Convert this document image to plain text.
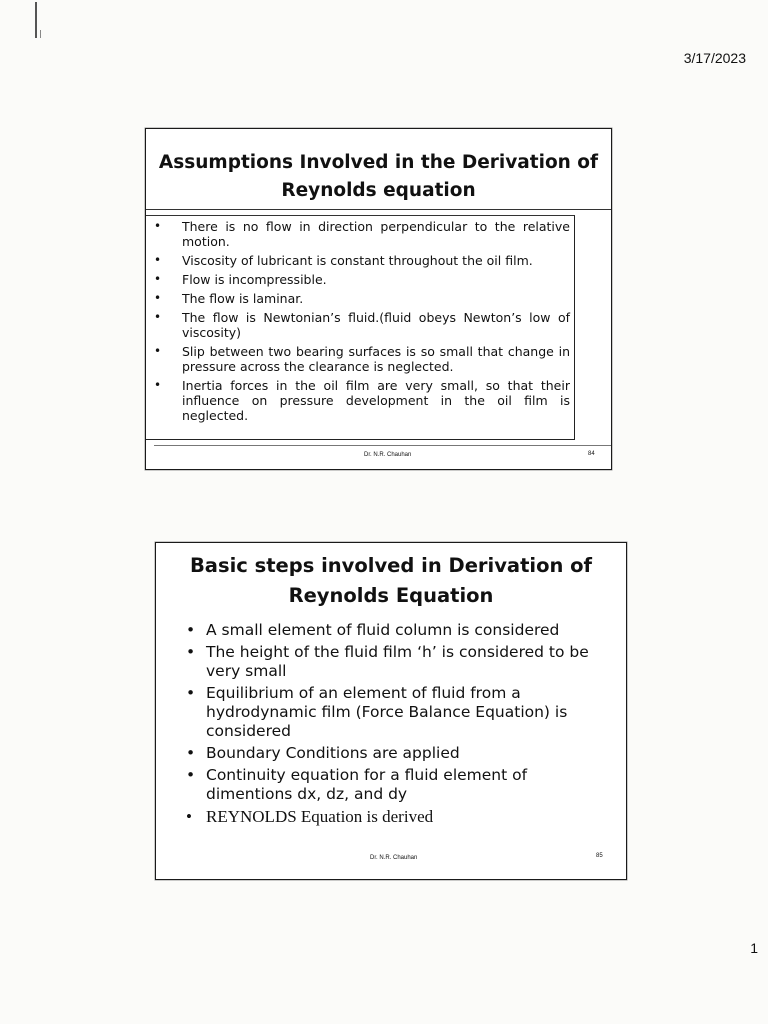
3/17/2023
Assumptions Involved in the Derivation of
Reynolds equation
• There is no flow in direction perpendicular to the relative motion.
• Viscosity of lubricant is constant throughout the oil film.
• Flow is incompressible.
• The flow is laminar.
• The flow is Newtonian’s fluid.(fluid obeys Newton’s low of viscosity)
• Slip between two bearing surfaces is so small that change in pressure across the clearance is neglected.
• Inertia forces in the oil film are very small, so that their influence on pressure development in the oil film is neglected.
Dr. N.R. Chauhan	84
Basic steps involved in Derivation of
Reynolds Equation
• A small element of fluid column is considered
• The height of the fluid film ‘h’ is considered to be very small
• Equilibrium of an element of fluid from a hydrodynamic film (Force Balance Equation) is considered
• Boundary Conditions are applied
• Continuity equation for a fluid element of dimentions dx, dz, and dy
• REYNOLDS Equation is derived
Dr. N.R. Chauhan	85
1
